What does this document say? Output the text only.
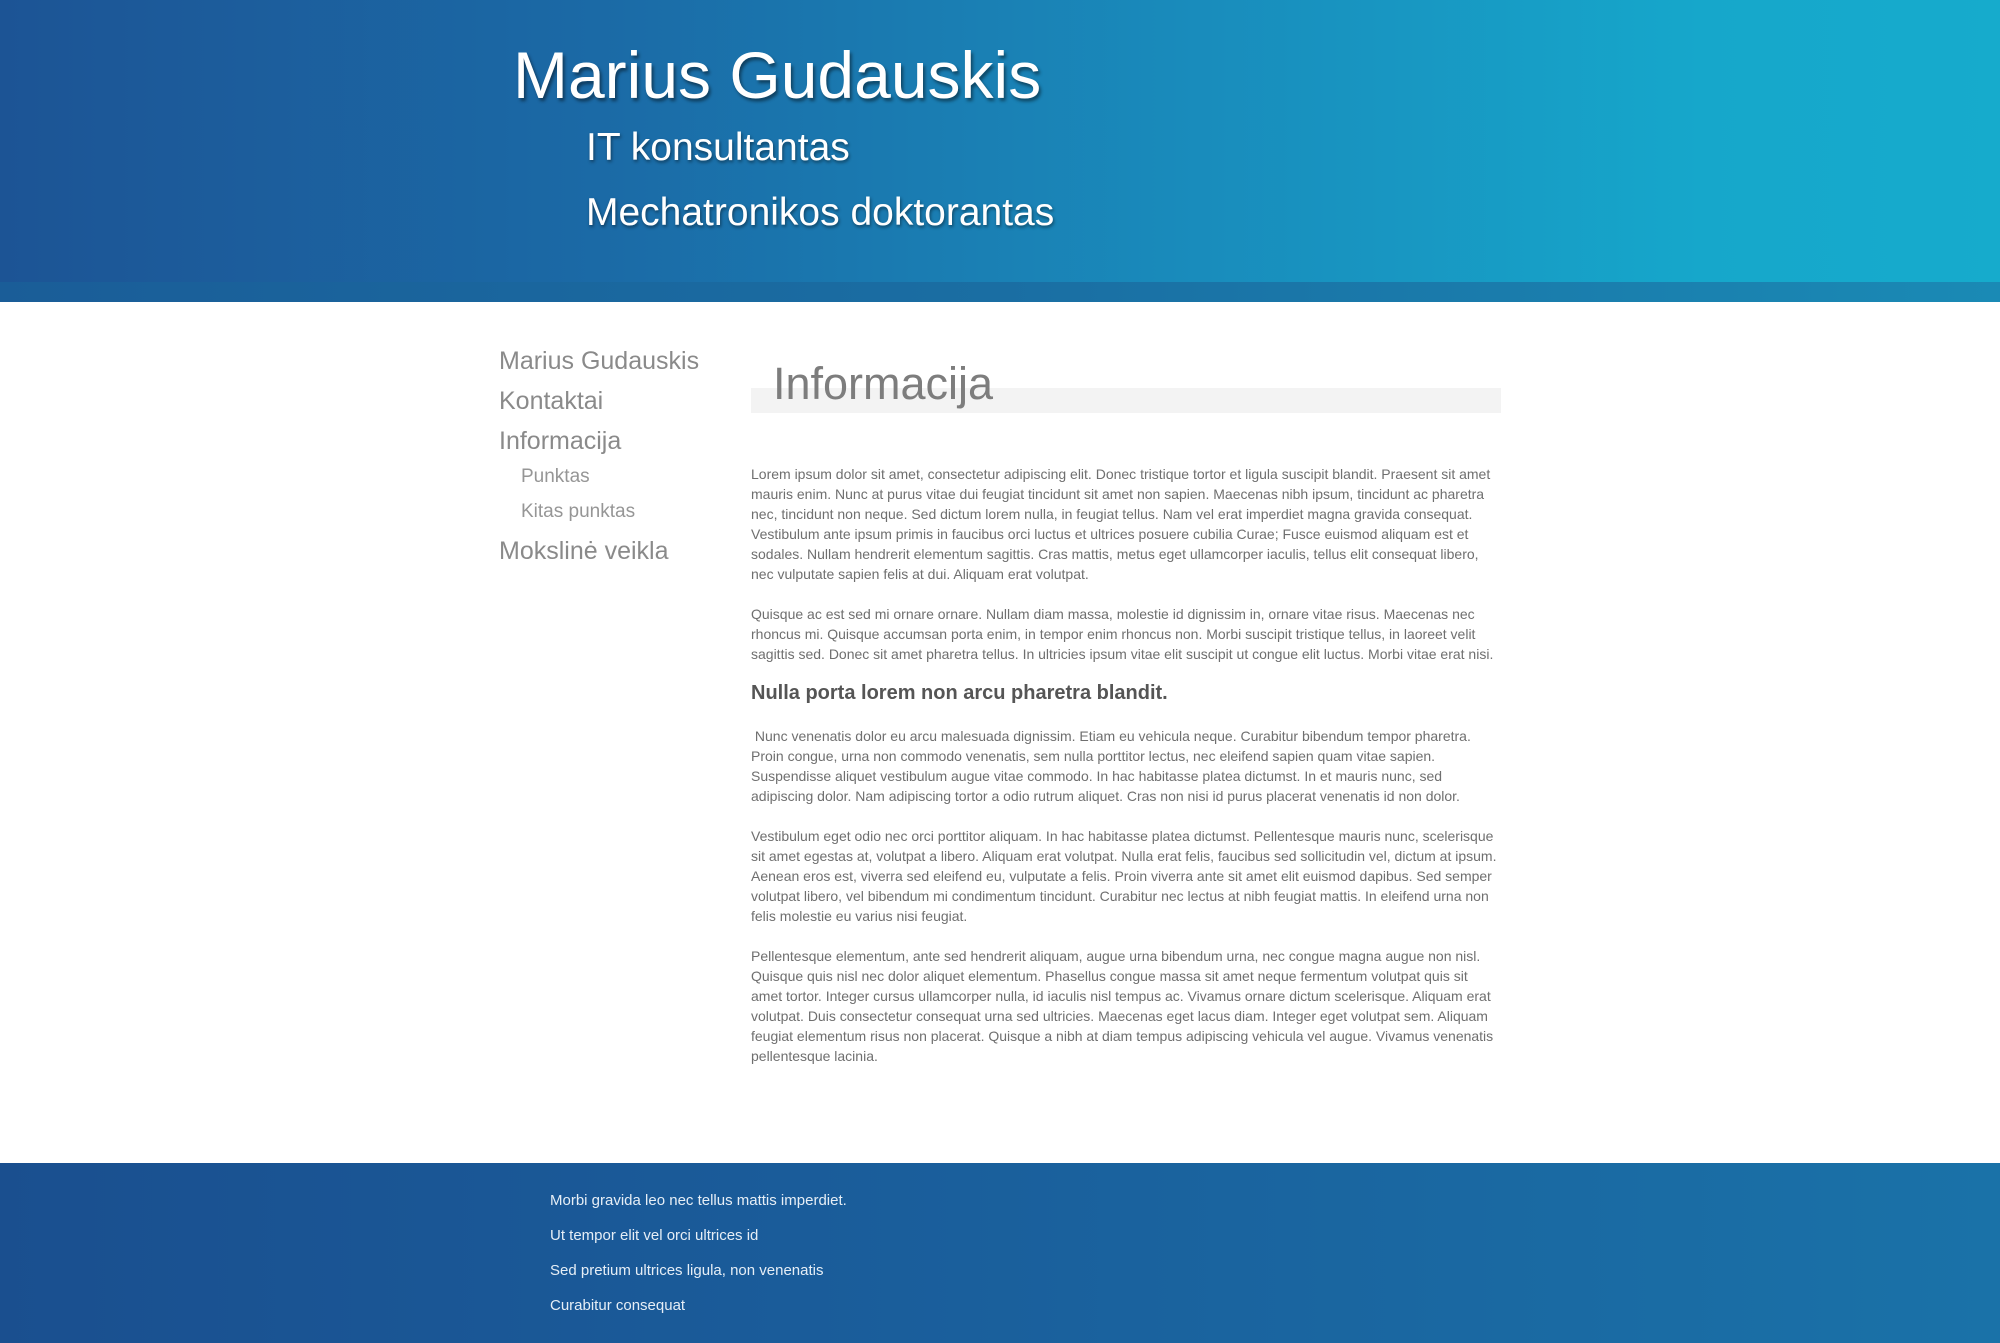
Marius Gudauskis
IT konsultantas
Mechatronikos doktorantas
Marius Gudauskis
Kontaktai
Informacija
Punktas
Kitas punktas
Mokslinė veikla
Informacija

Lorem ipsum dolor sit amet, consectetur adipiscing elit. Donec tristique tortor et ligula suscipit blandit. Praesent sit amet mauris enim. Nunc at purus vitae dui feugiat tincidunt sit amet non sapien. Maecenas nibh ipsum, tincidunt ac pharetra nec, tincidunt non neque. Sed dictum lorem nulla, in feugiat tellus. Nam vel erat imperdiet magna gravida consequat. Vestibulum ante ipsum primis in faucibus orci luctus et ultrices posuere cubilia Curae; Fusce euismod aliquam est et sodales. Nullam hendrerit elementum sagittis. Cras mattis, metus eget ullamcorper iaculis, tellus elit consequat libero, nec vulputate sapien felis at dui. Aliquam erat volutpat.

Quisque ac est sed mi ornare ornare. Nullam diam massa, molestie id dignissim in, ornare vitae risus. Maecenas nec rhoncus mi. Quisque accumsan porta enim, in tempor enim rhoncus non. Morbi suscipit tristique tellus, in laoreet velit sagittis sed. Donec sit amet pharetra tellus. In ultricies ipsum vitae elit suscipit ut congue elit luctus. Morbi vitae erat nisi.

Nulla porta lorem non arcu pharetra blandit.

Nunc venenatis dolor eu arcu malesuada dignissim. Etiam eu vehicula neque. Curabitur bibendum tempor pharetra. Proin congue, urna non commodo venenatis, sem nulla porttitor lectus, nec eleifend sapien quam vitae sapien. Suspendisse aliquet vestibulum augue vitae commodo. In hac habitasse platea dictumst. In et mauris nunc, sed adipiscing dolor. Nam adipiscing tortor a odio rutrum aliquet. Cras non nisi id purus placerat venenatis id non dolor.

Vestibulum eget odio nec orci porttitor aliquam. In hac habitasse platea dictumst. Pellentesque mauris nunc, scelerisque sit amet egestas at, volutpat a libero. Aliquam erat volutpat. Nulla erat felis, faucibus sed sollicitudin vel, dictum at ipsum. Aenean eros est, viverra sed eleifend eu, vulputate a felis. Proin viverra ante sit amet elit euismod dapibus. Sed semper volutpat libero, vel bibendum mi condimentum tincidunt. Curabitur nec lectus at nibh feugiat mattis. In eleifend urna non felis molestie eu varius nisi feugiat.

Pellentesque elementum, ante sed hendrerit aliquam, augue urna bibendum urna, nec congue magna augue non nisl. Quisque quis nisl nec dolor aliquet elementum. Phasellus congue massa sit amet neque fermentum volutpat quis sit amet tortor. Integer cursus ullamcorper nulla, id iaculis nisl tempus ac. Vivamus ornare dictum scelerisque. Aliquam erat volutpat. Duis consectetur consequat urna sed ultricies. Maecenas eget lacus diam. Integer eget volutpat sem. Aliquam feugiat elementum risus non placerat. Quisque a nibh at diam tempus adipiscing vehicula vel augue. Vivamus venenatis pellentesque lacinia.

Morbi gravida leo nec tellus mattis imperdiet.
Ut tempor elit vel orci ultrices id
Sed pretium ultrices ligula, non venenatis
Curabitur consequat
